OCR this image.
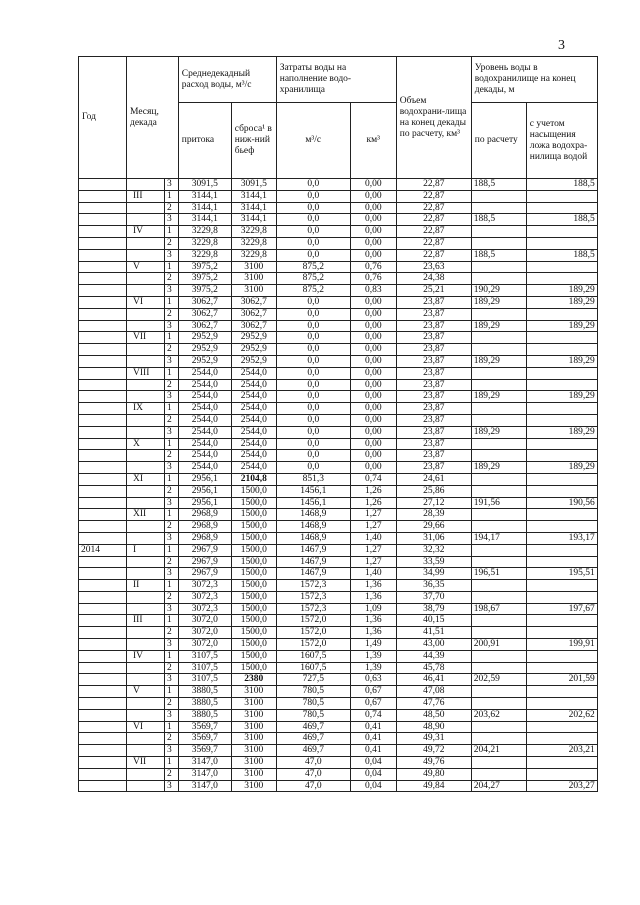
3
Год	Месяц, декада		Среднедекадный расход воды, м³/с		Затраты воды на наполнение водо-хранилища		Объем водохрани-лища на конец декады по расчету, км³	Уровень воды в водохранилище на конец декады, м	
			притока	сброса¹ в ниж-ний бьеф	м³/с	км³		по расчету	с учетом насыщения ложа водохра-нилища водой
		3	3091,5	3091,5	0,0	0,00	22,87	188,5	188,5
	III	1	3144,1	3144,1	0,0	0,00	22,87		
		2	3144,1	3144,1	0,0	0,00	22,87		
		3	3144,1	3144,1	0,0	0,00	22,87	188,5	188,5
	IV	1	3229,8	3229,8	0,0	0,00	22,87		
		2	3229,8	3229,8	0,0	0,00	22,87		
		3	3229,8	3229,8	0,0	0,00	22,87	188,5	188,5
	V	1	3975,2	3100	875,2	0,76	23,63		
		2	3975,2	3100	875,2	0,76	24,38		
		3	3975,2	3100	875,2	0,83	25,21	190,29	189,29
	VI	1	3062,7	3062,7	0,0	0,00	23,87	189,29	189,29
		2	3062,7	3062,7	0,0	0,00	23,87		
		3	3062,7	3062,7	0,0	0,00	23,87	189,29	189,29
	VII	1	2952,9	2952,9	0,0	0,00	23,87		
		2	2952,9	2952,9	0,0	0,00	23,87		
		3	2952,9	2952,9	0,0	0,00	23,87	189,29	189,29
	VIII	1	2544,0	2544,0	0,0	0,00	23,87		
		2	2544,0	2544,0	0,0	0,00	23,87		
		3	2544,0	2544,0	0,0	0,00	23,87	189,29	189,29
	IX	1	2544,0	2544,0	0,0	0,00	23,87		
		2	2544,0	2544,0	0,0	0,00	23,87		
		3	2544,0	2544,0	0,0	0,00	23,87	189,29	189,29
	X	1	2544,0	2544,0	0,0	0,00	23,87		
		2	2544,0	2544,0	0,0	0,00	23,87		
		3	2544,0	2544,0	0,0	0,00	23,87	189,29	189,29
	XI	1	2956,1	2104,8	851,3	0,74	24,61		
		2	2956,1	1500,0	1456,1	1,26	25,86		
		3	2956,1	1500,0	1456,1	1,26	27,12	191,56	190,56
	XII	1	2968,9	1500,0	1468,9	1,27	28,39		
		2	2968,9	1500,0	1468,9	1,27	29,66		
		3	2968,9	1500,0	1468,9	1,40	31,06	194,17	193,17
2014	I	1	2967,9	1500,0	1467,9	1,27	32,32		
		2	2967,9	1500,0	1467,9	1,27	33,59		
		3	2967,9	1500,0	1467,9	1,40	34,99	196,51	195,51
	II	1	3072,3	1500,0	1572,3	1,36	36,35		
		2	3072,3	1500,0	1572,3	1,36	37,70		
		3	3072,3	1500,0	1572,3	1,09	38,79	198,67	197,67
	III	1	3072,0	1500,0	1572,0	1,36	40,15		
		2	3072,0	1500,0	1572,0	1,36	41,51		
		3	3072,0	1500,0	1572,0	1,49	43,00	200,91	199,91
	IV	1	3107,5	1500,0	1607,5	1,39	44,39		
		2	3107,5	1500,0	1607,5	1,39	45,78		
		3	3107,5	2380	727,5	0,63	46,41	202,59	201,59
	V	1	3880,5	3100	780,5	0,67	47,08		
		2	3880,5	3100	780,5	0,67	47,76		
		3	3880,5	3100	780,5	0,74	48,50	203,62	202,62
	VI	1	3569,7	3100	469,7	0,41	48,90		
		2	3569,7	3100	469,7	0,41	49,31		
		3	3569,7	3100	469,7	0,41	49,72	204,21	203,21
	VII	1	3147,0	3100	47,0	0,04	49,76		
		2	3147,0	3100	47,0	0,04	49,80		
		3	3147,0	3100	47,0	0,04	49,84	204,27	203,27
